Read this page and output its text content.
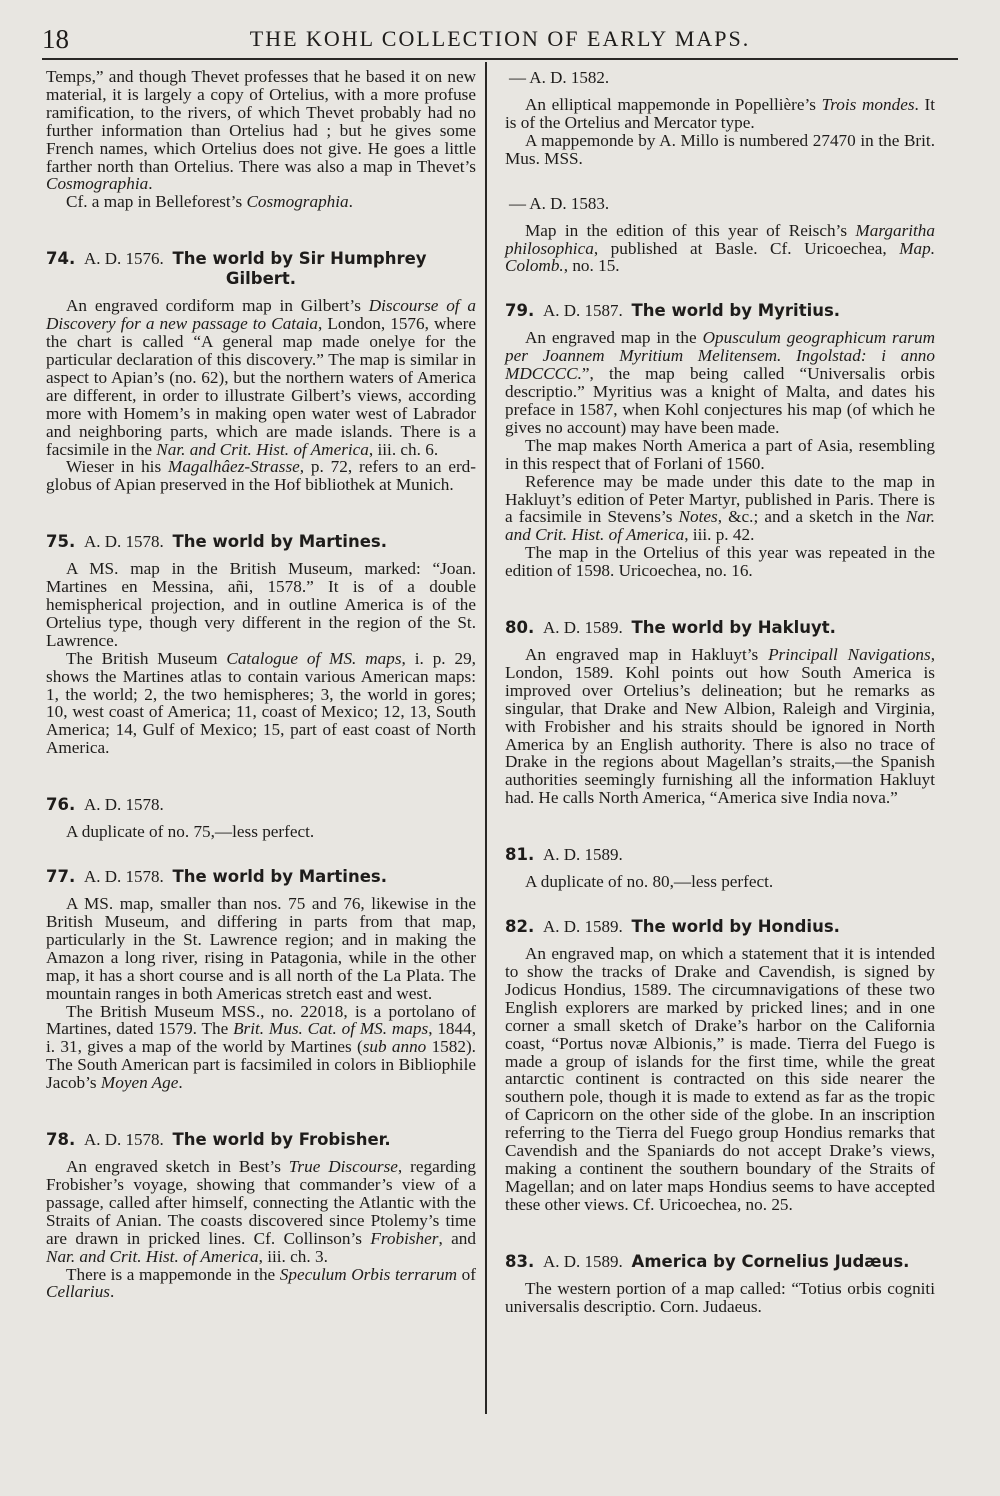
18	THE KOHL COLLECTION OF EARLY MAPS.

Temps,” and though Thevet professes that he based it on new material, it is largely a copy of Ortelius, with a more profuse ramification, to the rivers, of which Thevet probably had no further information than Ortelius had ; but he gives some French names, which Ortelius does not give. He goes a little farther north than Ortelius. There was also a map in Thevet’s Cosmographia.

Cf. a map in Belleforest’s Cosmographia.

74. A. D. 1576. The world by Sir Humphrey
Gilbert.

An engraved cordiform map in Gilbert’s Discourse of a Discovery for a new passage to Cataia, London, 1576, where the chart is called “A general map made onelye for the particular declaration of this discovery.” The map is similar in aspect to Apian’s (no. 62), but the northern waters of America are different, in order to illustrate Gilbert’s views, according more with Homem’s in making open water west of Labrador and neighboring parts, which are made islands. There is a facsimile in the Nar. and Crit. Hist. of America, iii. ch. 6.

Wieser in his Magalhâez-Strasse, p. 72, refers to an erd-globus of Apian preserved in the Hof bibliothek at Munich.

75. A. D. 1578. The world by Martines.

A MS. map in the British Museum, marked: “Joan. Martines en Messina, añi, 1578.” It is of a double hemispherical projection, and in outline America is of the Ortelius type, though very different in the region of the St. Lawrence.

The British Museum Catalogue of MS. maps, i. p. 29, shows the Martines atlas to contain various American maps: 1, the world; 2, the two hemispheres; 3, the world in gores; 10, west coast of America; 11, coast of Mexico; 12, 13, South America; 14, Gulf of Mexico; 15, part of east coast of North America.

76. A. D. 1578.

A duplicate of no. 75,—less perfect.

77. A. D. 1578. The world by Martines.

A MS. map, smaller than nos. 75 and 76, likewise in the British Museum, and differing in parts from that map, particularly in the St. Lawrence region; and in making the Amazon a long river, rising in Patagonia, while in the other map, it has a short course and is all north of the La Plata. The mountain ranges in both Americas stretch east and west.

The British Museum MSS., no. 22018, is a portolano of Martines, dated 1579. The Brit. Mus. Cat. of MS. maps, 1844, i. 31, gives a map of the world by Martines (sub anno 1582). The South American part is facsimiled in colors in Bibliophile Jacob’s Moyen Age.

78. A. D. 1578. The world by Frobisher.

An engraved sketch in Best’s True Discourse, regarding Frobisher’s voyage, showing that commander’s view of a passage, called after himself, connecting the Atlantic with the Straits of Anian. The coasts discovered since Ptolemy’s time are drawn in pricked lines. Cf. Collinson’s Frobisher, and Nar. and Crit. Hist. of America, iii. ch. 3.

There is a mappemonde in the Speculum Orbis terrarum of Cellarius.

— A. D. 1582.

An elliptical mappemonde in Popellière’s Trois mondes. It is of the Ortelius and Mercator type.

A mappemonde by A. Millo is numbered 27470 in the Brit. Mus. MSS.

— A. D. 1583.

Map in the edition of this year of Reisch’s Margaritha philosophica, published at Basle. Cf. Uricoechea, Map. Colomb., no. 15.

79. A. D. 1587. The world by Myritius.

An engraved map in the Opusculum geographicum rarum per Joannem Myritium Melitensem. Ingolstad: i anno MDCCCC.”, the map being called “Universalis orbis descriptio.” Myritius was a knight of Malta, and dates his preface in 1587, when Kohl conjectures his map (of which he gives no account) may have been made.

The map makes North America a part of Asia, resembling in this respect that of Forlani of 1560.

Reference may be made under this date to the map in Hakluyt’s edition of Peter Martyr, published in Paris. There is a facsimile in Stevens’s Notes, &c.; and a sketch in the Nar. and Crit. Hist. of America, iii. p. 42.

The map in the Ortelius of this year was repeated in the edition of 1598. Uricoechea, no. 16.

80. A. D. 1589. The world by Hakluyt.

An engraved map in Hakluyt’s Principall Navigations, London, 1589. Kohl points out how South America is improved over Ortelius’s delineation; but he remarks as singular, that Drake and New Albion, Raleigh and Virginia, with Frobisher and his straits should be ignored in North America by an English authority. There is also no trace of Drake in the regions about Magellan’s straits,—the Spanish authorities seemingly furnishing all the information Hakluyt had. He calls North America, “America sive India nova.”

81. A. D. 1589.

A duplicate of no. 80,—less perfect.

82. A. D. 1589. The world by Hondius.

An engraved map, on which a statement that it is intended to show the tracks of Drake and Cavendish, is signed by Jodicus Hondius, 1589. The circumnavigations of these two English explorers are marked by pricked lines; and in one corner a small sketch of Drake’s harbor on the California coast, “Portus novæ Albionis,” is made. Tierra del Fuego is made a group of islands for the first time, while the great antarctic continent is contracted on this side nearer the southern pole, though it is made to extend as far as the tropic of Capricorn on the other side of the globe. In an inscription referring to the Tierra del Fuego group Hondius remarks that Cavendish and the Spaniards do not accept Drake’s views, making a continent the southern boundary of the Straits of Magellan; and on later maps Hondius seems to have accepted these other views. Cf. Uricoechea, no. 25.

83. A. D. 1589. America by Cornelius Judæus.

The western portion of a map called: “Totius orbis cogniti universalis descriptio. Corn. Judaeus.
